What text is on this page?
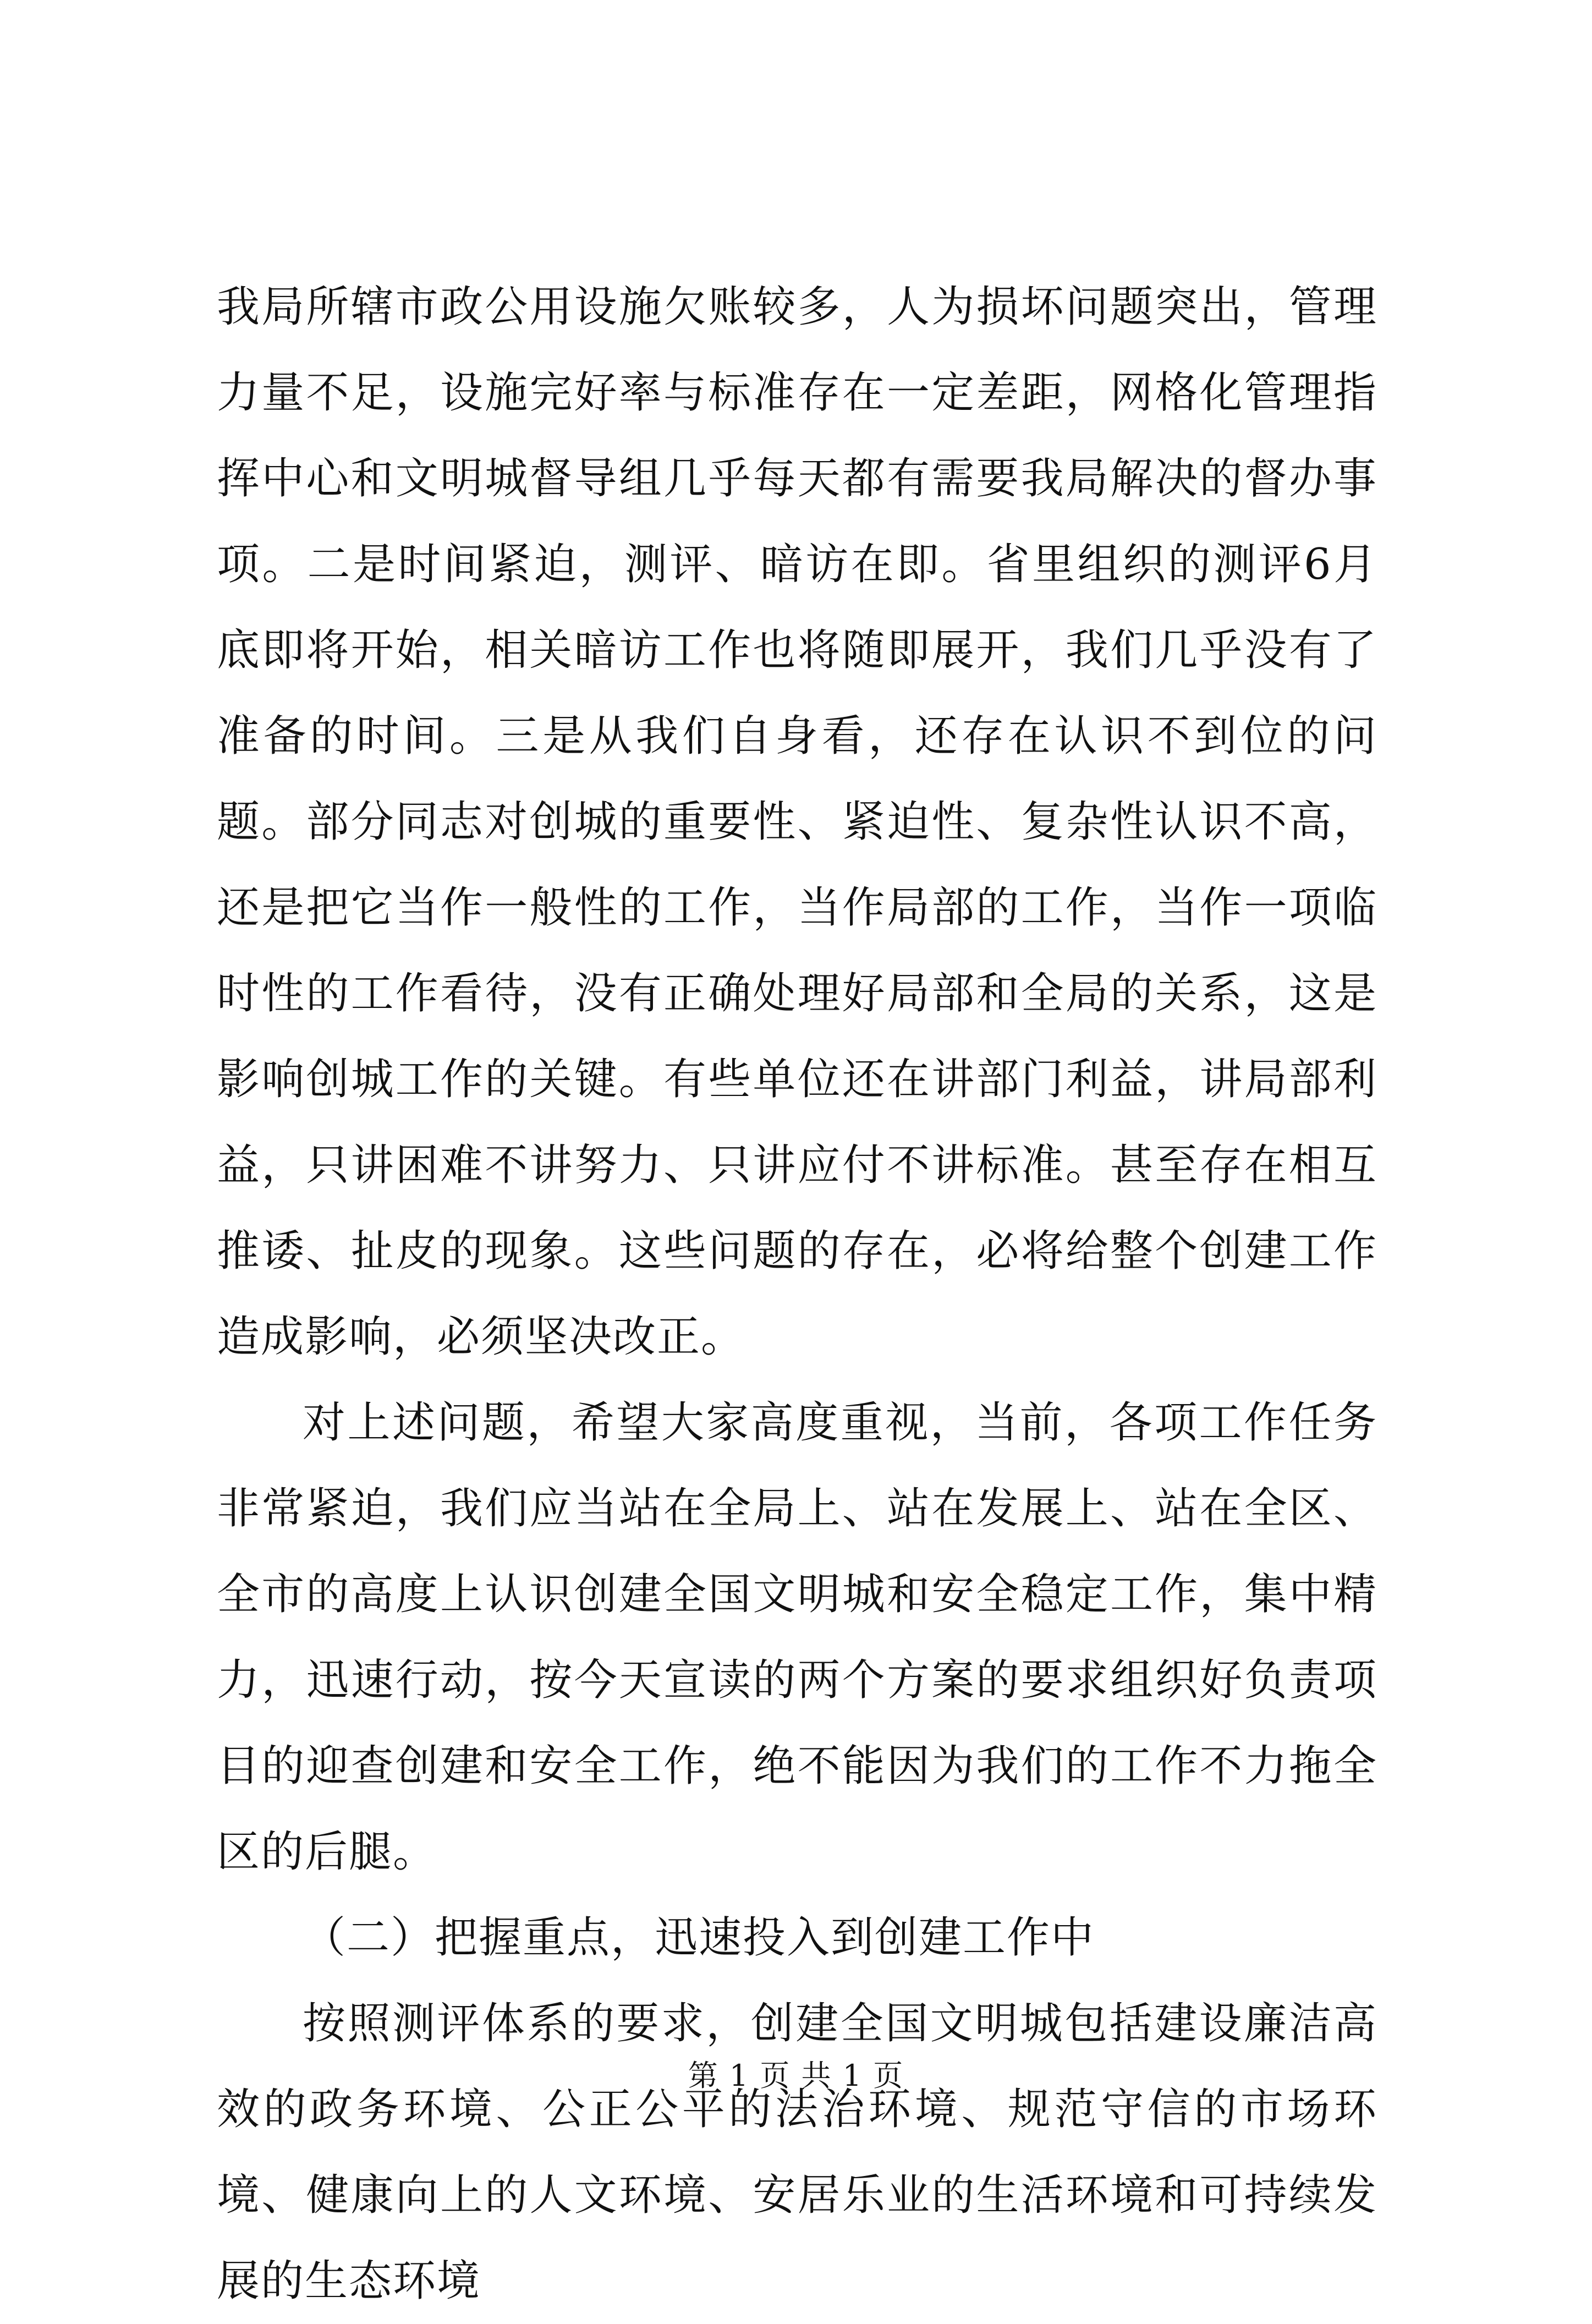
我局所辖市政公用设施欠账较多，人为损坏问题突出，管理力量不足，设施完好率与标准存在一定差距，网格化管理指挥中心和文明城督导组几乎每天都有需要我局解决的督办事项。二是时间紧迫，测评、暗访在即。省里组织的测评6月底即将开始，相关暗访工作也将随即展开，我们几乎没有了准备的时间。三是从我们自身看，还存在认识不到位的问题。部分同志对创城的重要性、紧迫性、复杂性认识不高，还是把它当作一般性的工作，当作局部的工作，当作一项临时性的工作看待，没有正确处理好局部和全局的关系，这是影响创城工作的关键。有些单位还在讲部门利益，讲局部利益，只讲困难不讲努力、只讲应付不讲标准。甚至存在相互推诿、扯皮的现象。这些问题的存在，必将给整个创建工作造成影响，必须坚决改正。

对上述问题，希望大家高度重视，当前，各项工作任务非常紧迫，我们应当站在全局上、站在发展上、站在全区、全市的高度上认识创建全国文明城和安全稳定工作，集中精力，迅速行动，按今天宣读的两个方案的要求组织好负责项目的迎查创建和安全工作，绝不能因为我们的工作不力拖全区的后腿。

（二）把握重点，迅速投入到创建工作中

按照测评体系的要求，创建全国文明城包括建设廉洁高效的政务环境、公正公平的法治环境、规范守信的市场环境、健康向上的人文环境、安居乐业的生活环境和可持续发展的生态环境

第 1 页 共 1 页
